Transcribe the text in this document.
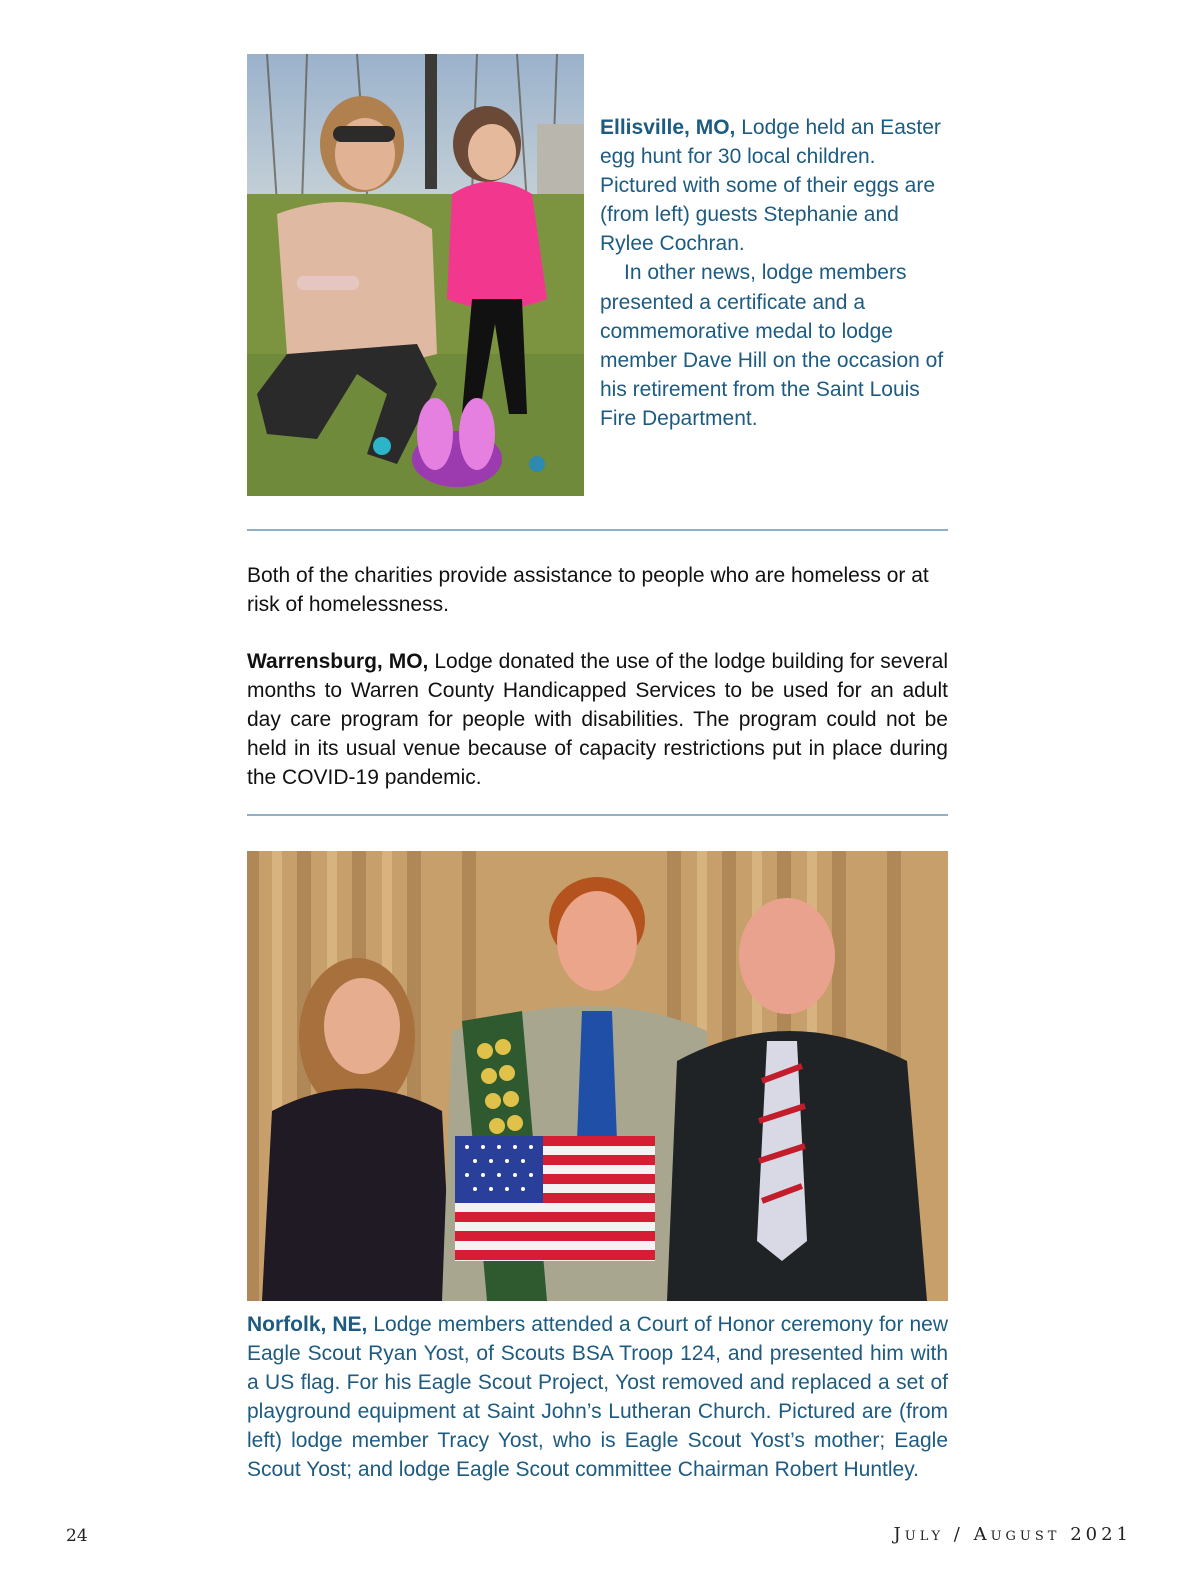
Ellisville, MO, Lodge held an Easter egg hunt for 30 local children. Pictured with some of their eggs are (from left) guests Stephanie and Rylee Cochran.

In other news, lodge members presented a certificate and a commemorative medal to lodge member Dave Hill on the occasion of his retirement from the Saint Louis Fire Department.

Both of the charities provide assistance to people who are homeless or at risk of homelessness.
Warrensburg, MO, Lodge donated the use of the lodge building for several months to Warren County Handicapped Services to be used for an adult day care program for people with disabilities. The program could not be held in its usual venue because of capacity restrictions put in place during the COVID-19 pandemic.
Norfolk, NE, Lodge members attended a Court of Honor ceremony for new Eagle Scout Ryan Yost, of Scouts BSA Troop 124, and presented him with a US flag. For his Eagle Scout Project, Yost removed and replaced a set of playground equipment at Saint John’s Lutheran Church. Pictured are (from left) lodge member Tracy Yost, who is Eagle Scout Yost’s mother; Eagle Scout Yost; and lodge Eagle Scout committee Chairman Robert Huntley.
24	July / August 2021
